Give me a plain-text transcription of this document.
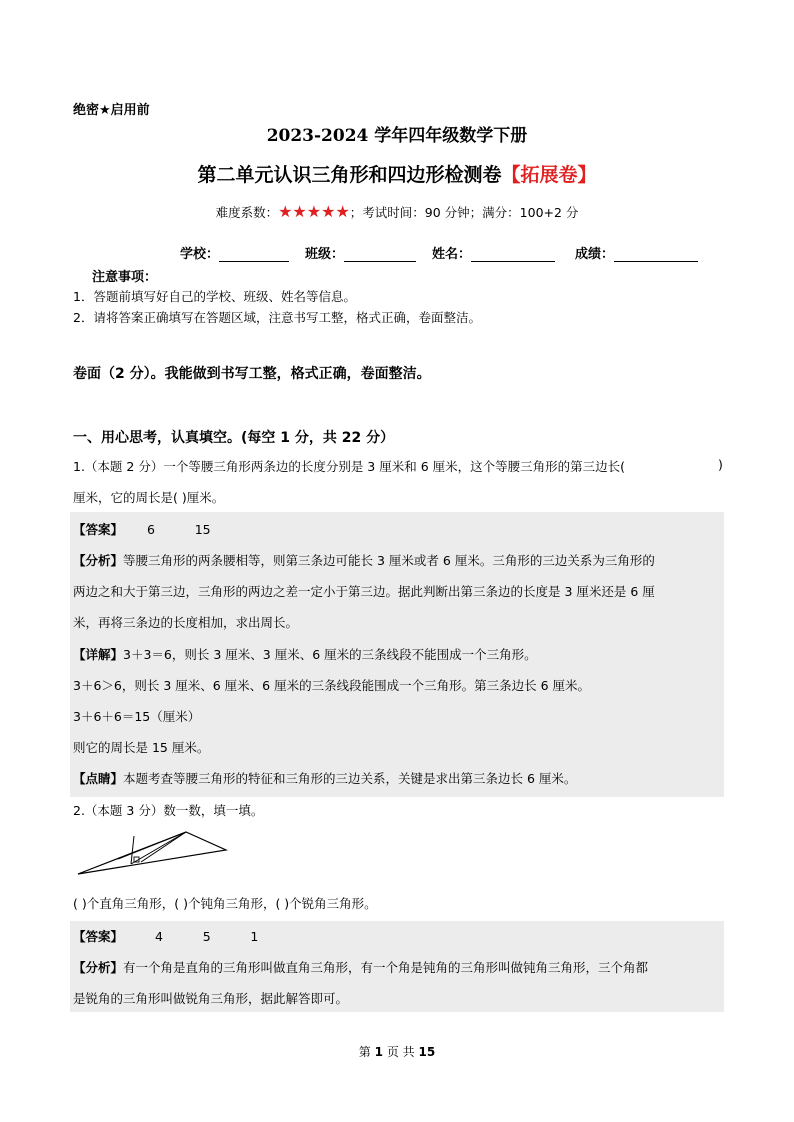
绝密★启用前
2023-2024 学年四年级数学下册
第二单元认识三角形和四边形检测卷【拓展卷】
难度系数：★★★★★；考试时间：90 分钟；满分：100+2 分
学校：	班级：	姓名：	成绩：
注意事项：
1．答题前填写好自己的学校、班级、姓名等信息。
2．请将答案正确填写在答题区域，注意书写工整，格式正确，卷面整洁。
卷面（2 分）。我能做到书写工整，格式正确，卷面整洁。
一、用心思考，认真填空。(每空 1 分，共 22 分）
1.（本题 2 分）一个等腰三角形两条边的长度分别是 3 厘米和 6 厘米，这个等腰三角形的第三边长(	)
厘米，它的周长是( )厘米。
【答案】 6          15
【分析】等腰三角形的两条腰相等，则第三条边可能长 3 厘米或者 6 厘米。三角形的三边关系为三角形的
两边之和大于第三边，三角形的两边之差一定小于第三边。据此判断出第三条边的长度是 3 厘米还是 6 厘
米，再将三条边的长度相加，求出周长。
【详解】3＋3＝6，则长 3 厘米、3 厘米、6 厘米的三条线段不能围成一个三角形。
3＋6＞6，则长 3 厘米、6 厘米、6 厘米的三条线段能围成一个三角形。第三条边长 6 厘米。
3＋6＋6＝15（厘米）
则它的周长是 15 厘米。
【点睛】本题考查等腰三角形的特征和三角形的三边关系，关键是求出第三条边长 6 厘米。
2.（本题 3 分）数一数，填一填。
( )个直角三角形，( )个钝角三角形，( )个锐角三角形。
【答案】	4          5          1
【分析】有一个角是直角的三角形叫做直角三角形，有一个角是钝角的三角形叫做钝角三角形，三个角都
是锐角的三角形叫做锐角三角形，据此解答即可。
第 1 页 共 15
